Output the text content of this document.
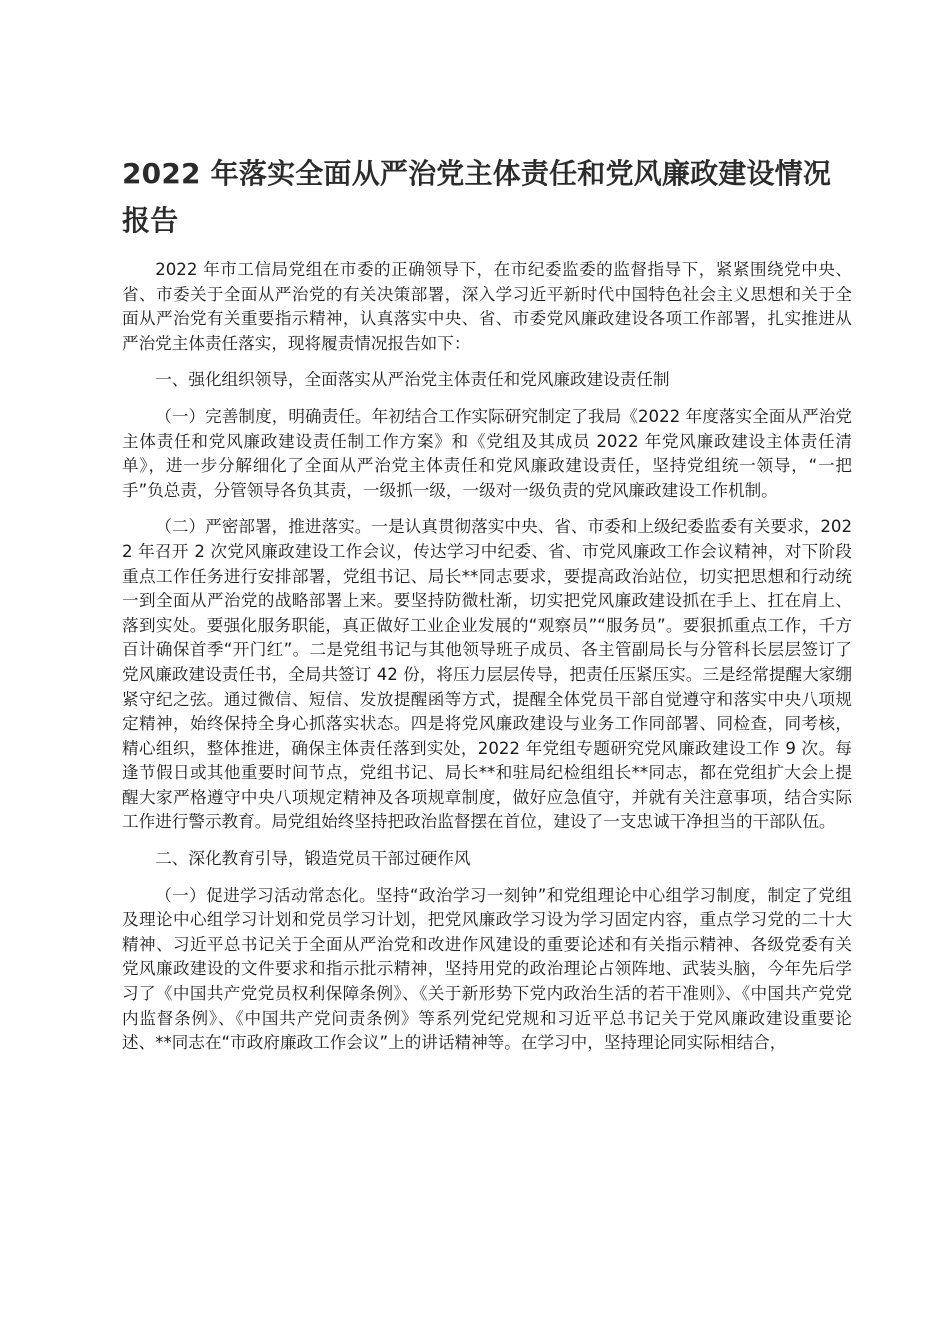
2022 年落实全面从严治党主体责任和党风廉政建设情况报告

2022 年市工信局党组在市委的正确领导下，在市纪委监委的监督指导下，紧紧围绕党中央、省、市委关于全面从严治党的有关决策部署，深入学习近平新时代中国特色社会主义思想和关于全面从严治党有关重要指示精神，认真落实中央、省、市委党风廉政建设各项工作部署，扎实推进从严治党主体责任落实，现将履责情况报告如下：

一、强化组织领导，全面落实从严治党主体责任和党风廉政建设责任制

（一）完善制度，明确责任。年初结合工作实际研究制定了我局《2022 年度落实全面从严治党主体责任和党风廉政建设责任制工作方案》和《党组及其成员 2022 年党风廉政建设主体责任清单》，进一步分解细化了全面从严治党主体责任和党风廉政建设责任，坚持党组统一领导，“一把手”负总责，分管领导各负其责，一级抓一级，一级对一级负责的党风廉政建设工作机制。

（二）严密部署，推进落实。一是认真贯彻落实中央、省、市委和上级纪委监委有关要求，2022 年召开 2 次党风廉政建设工作会议，传达学习中纪委、省、市党风廉政工作会议精神，对下阶段重点工作任务进行安排部署，党组书记、局长**同志要求，要提高政治站位，切实把思想和行动统一到全面从严治党的战略部署上来。要坚持防微杜渐，切实把党风廉政建设抓在手上、扛在肩上、落到实处。要强化服务职能，真正做好工业企业发展的“观察员”“服务员”。要狠抓重点工作，千方百计确保首季“开门红”。二是党组书记与其他领导班子成员、各主管副局长与分管科长层层签订了党风廉政建设责任书，全局共签订 42 份，将压力层层传导，把责任压紧压实。三是经常提醒大家绷紧守纪之弦。通过微信、短信、发放提醒函等方式，提醒全体党员干部自觉遵守和落实中央八项规定精神，始终保持全身心抓落实状态。四是将党风廉政建设与业务工作同部署、同检查，同考核，精心组织，整体推进，确保主体责任落到实处，2022 年党组专题研究党风廉政建设工作 9 次。每逢节假日或其他重要时间节点，党组书记、局长**和驻局纪检组组长**同志，都在党组扩大会上提醒大家严格遵守中央八项规定精神及各项规章制度，做好应急值守，并就有关注意事项，结合实际工作进行警示教育。局党组始终坚持把政治监督摆在首位，建设了一支忠诚干净担当的干部队伍。

二、深化教育引导，锻造党员干部过硬作风

（一）促进学习活动常态化。坚持“政治学习一刻钟”和党组理论中心组学习制度，制定了党组及理论中心组学习计划和党员学习计划，把党风廉政学习设为学习固定内容，重点学习党的二十大精神、习近平总书记关于全面从严治党和改进作风建设的重要论述和有关指示精神、各级党委有关党风廉政建设的文件要求和指示批示精神，坚持用党的政治理论占领阵地、武装头脑，今年先后学习了《中国共产党党员权利保障条例》、《关于新形势下党内政治生活的若干准则》、《中国共产党党内监督条例》、《中国共产党问责条例》等系列党纪党规和习近平总书记关于党风廉政建设重要论述、**同志在“市政府廉政工作会议”上的讲话精神等。在学习中，坚持理论同实际相结合，
